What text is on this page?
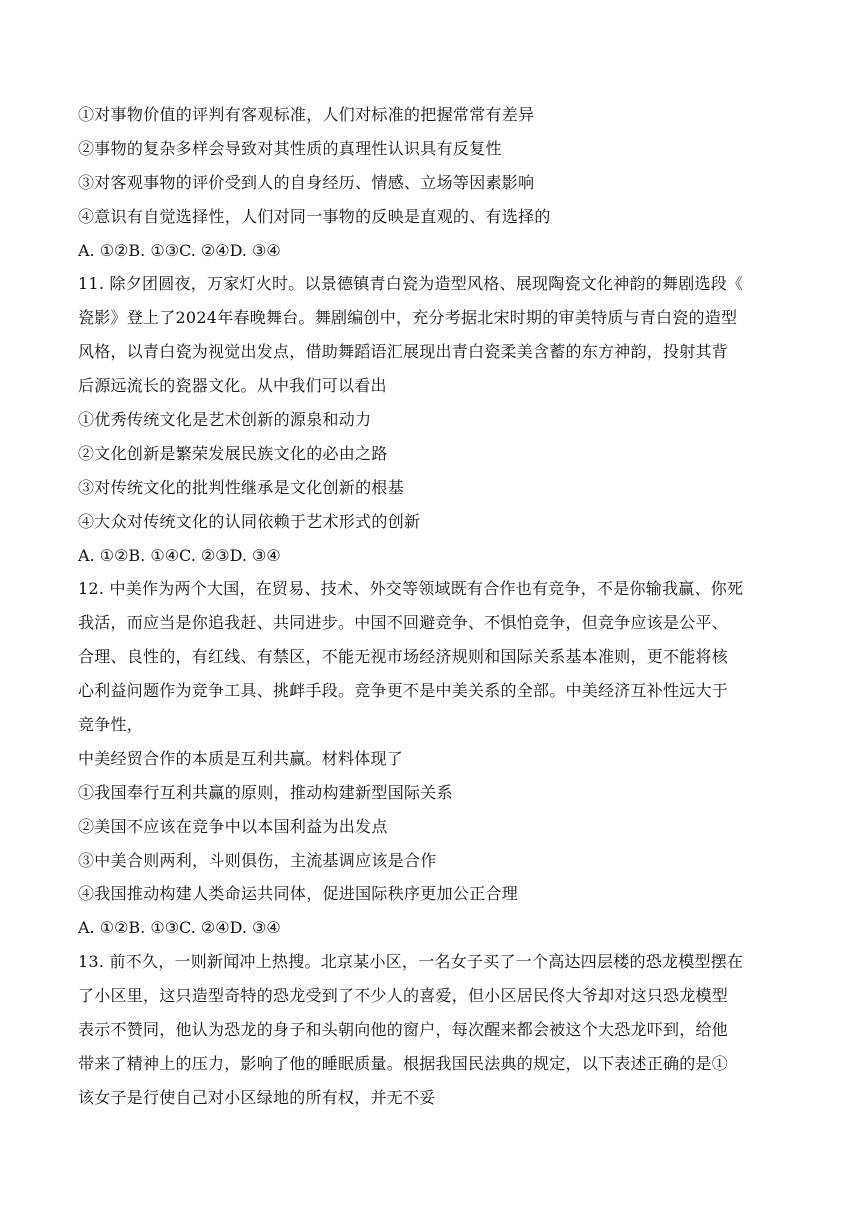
①对事物价值的评判有客观标准，人们对标准的把握常常有差异
②事物的复杂多样会导致对其性质的真理性认识具有反复性
③对客观事物的评价受到人的自身经历、情感、立场等因素影响
④意识有自觉选择性，人们对同一事物的反映是直观的、有选择的
A. ①②B. ①③C. ②④D. ③④
11. 除夕团圆夜，万家灯火时。以景德镇青白瓷为造型风格、展现陶瓷文化神韵的舞剧选段《
瓷影》登上了2024年春晚舞台。舞剧编创中，充分考据北宋时期的审美特质与青白瓷的造型
风格，以青白瓷为视觉出发点，借助舞蹈语汇展现出青白瓷柔美含蓄的东方神韵，投射其背
后源远流长的瓷器文化。从中我们可以看出
①优秀传统文化是艺术创新的源泉和动力
②文化创新是繁荣发展民族文化的必由之路
③对传统文化的批判性继承是文化创新的根基
④大众对传统文化的认同依赖于艺术形式的创新
A. ①②B. ①④C. ②③D. ③④
12. 中美作为两个大国，在贸易、技术、外交等领域既有合作也有竞争，不是你输我赢、你死
我活，而应当是你追我赶、共同进步。中国不回避竞争、不惧怕竞争，但竞争应该是公平、
合理、良性的，有红线、有禁区，不能无视市场经济规则和国际关系基本准则，更不能将核
心利益问题作为竞争工具、挑衅手段。竞争更不是中美关系的全部。中美经济互补性远大于
竞争性，
中美经贸合作的本质是互利共赢。材料体现了
①我国奉行互利共赢的原则，推动构建新型国际关系
②美国不应该在竞争中以本国利益为出发点
③中美合则两利，斗则俱伤，主流基调应该是合作
④我国推动构建人类命运共同体，促进国际秩序更加公正合理
A. ①②B. ①③C. ②④D. ③④
13. 前不久，一则新闻冲上热搜。北京某小区，一名女子买了一个高达四层楼的恐龙模型摆在
了小区里，这只造型奇特的恐龙受到了不少人的喜爱，但小区居民佟大爷却对这只恐龙模型
表示不赞同，他认为恐龙的身子和头朝向他的窗户，每次醒来都会被这个大恐龙吓到，给他
带来了精神上的压力，影响了他的睡眠质量。根据我国民法典的规定，以下表述正确的是①
该女子是行使自己对小区绿地的所有权，并无不妥
